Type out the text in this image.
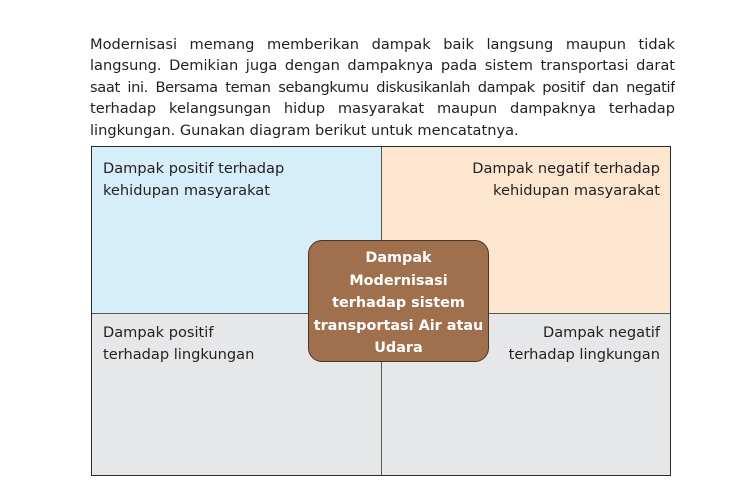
Modernisasi memang memberikan dampak baik langsung maupun tidak
langsung. Demikian juga dengan dampaknya pada sistem transportasi darat
saat ini. Bersama teman sebangkumu diskusikanlah dampak positif dan negatif
terhadap kelangsungan hidup masyarakat maupun dampaknya terhadap
lingkungan. Gunakan diagram berikut untuk mencatatnya.
Dampak positif terhadap
kehidupan masyarakat
Dampak negatif terhadap
kehidupan masyarakat
Dampak positif
terhadap lingkungan
Dampak negatif
terhadap lingkungan
Dampak
Modernisasi
terhadap sistem
transportasi Air atau
Udara
